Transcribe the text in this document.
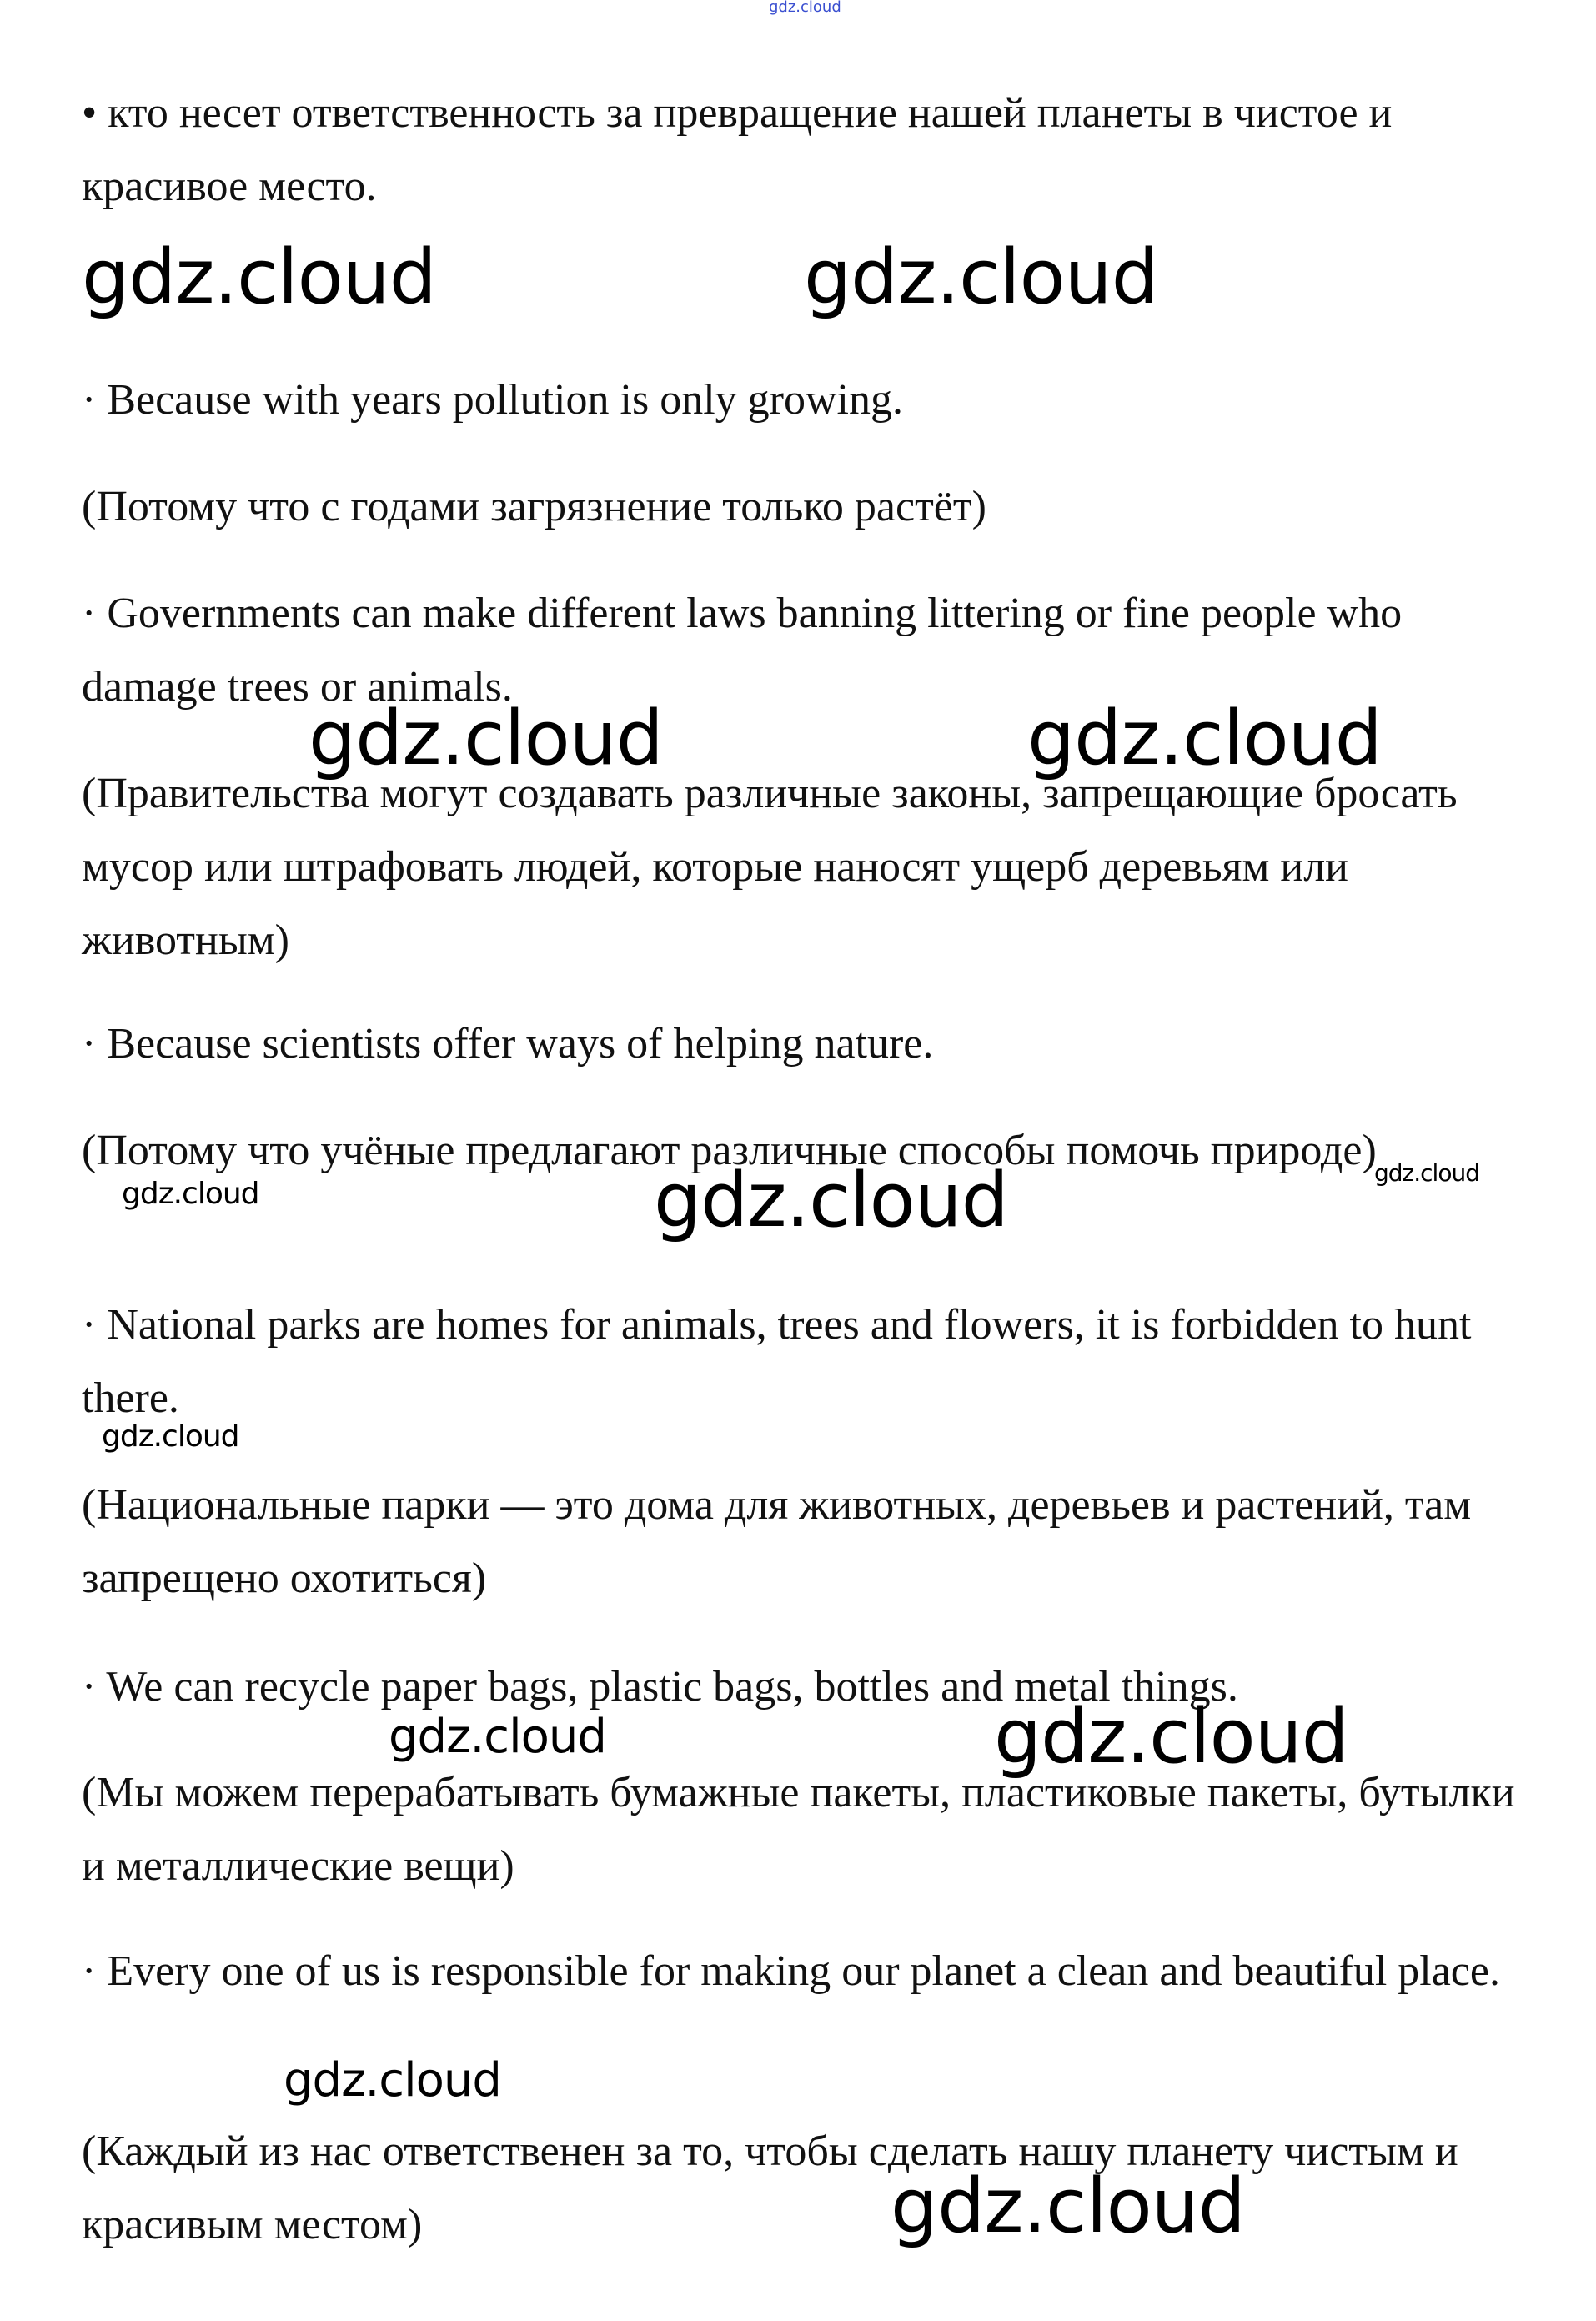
gdz.cloud

• кто несет ответственность за превращение нашей планеты в чистое и красивое место.

gdz.cloud	gdz.cloud

· Because with years pollution is only growing.

(Потому что с годами загрязнение только растёт)

· Governments can make different laws banning littering or fine people who damage trees or animals.

gdz.cloud	gdz.cloud

(Правительства могут создавать различные законы, запрещающие бросать мусор или штрафовать людей, которые наносят ущерб деревьям или животным)

· Because scientists offer ways of helping nature.

(Потому что учёные предлагают различные способы помочь природе)

gdz.cloud	gdz.cloud	gdz.cloud

· National parks are homes for animals, trees and flowers, it is forbidden to hunt there.

gdz.cloud

(Национальные парки — это дома для животных, деревьев и растений, там запрещено охотиться)

· We can recycle paper bags, plastic bags, bottles and metal things.

gdz.cloud	gdz.cloud

(Мы можем перерабатывать бумажные пакеты, пластиковые пакеты, бутылки и металлические вещи)

· Every one of us is responsible for making our planet a clean and beautiful place.

gdz.cloud

(Каждый из нас ответственен за то, чтобы сделать нашу планету чистым и красивым местом)	gdz.cloud
